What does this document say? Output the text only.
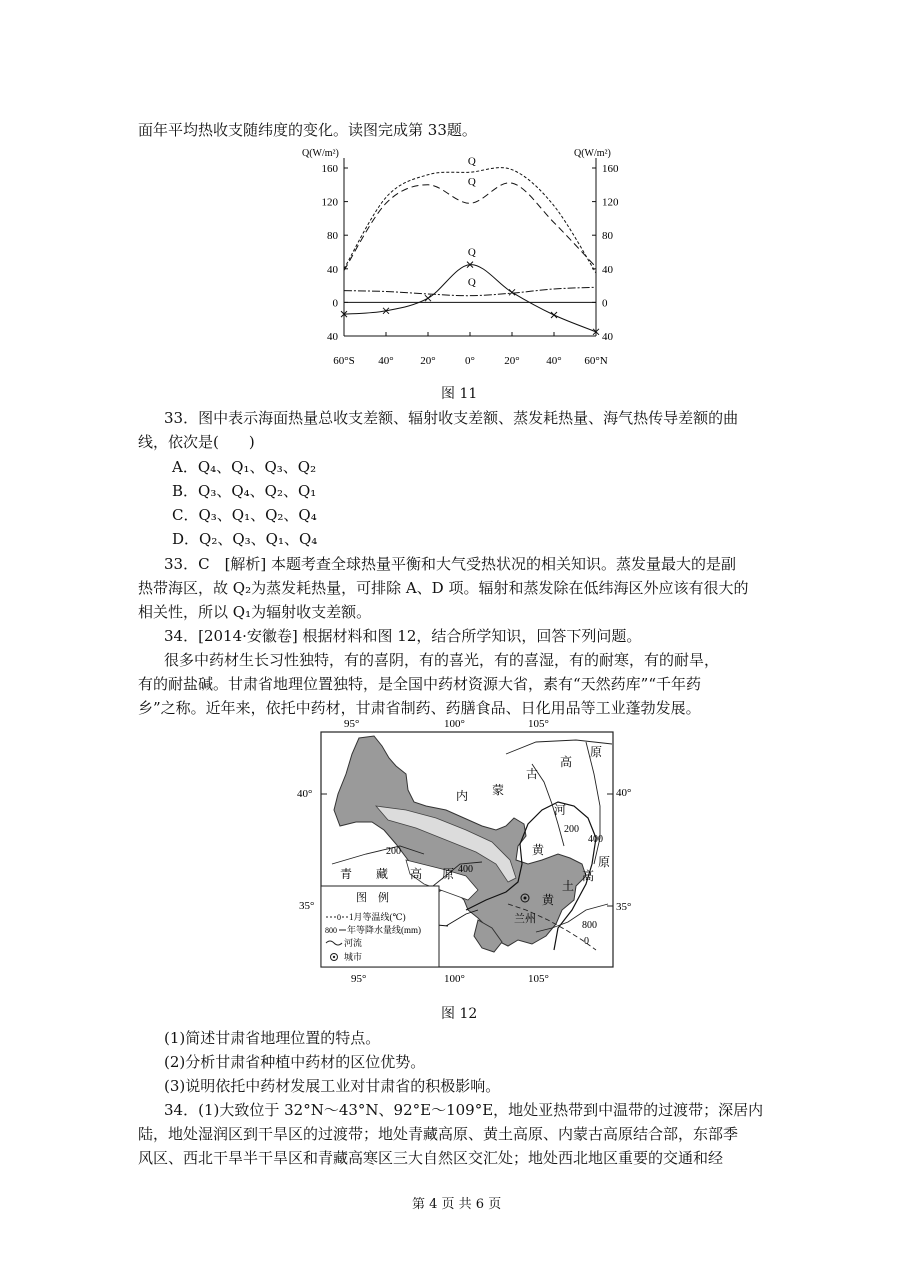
面年平均热收支随纬度的变化。读图完成第 33题。
Q(W/m²)	Q(W/m²)
160	160
120	120
80	80
40	40
0	0
40	40
60°S 40° 20°	0°	20° 40° 60°N
Q
Q
Q
Q
图 11
33．图中表示海面热量总收支差额、辐射收支差额、蒸发耗热量、海气热传导差额的曲
线，依次是(　　)
A．Q₄、Q₁、Q₃、Q₂
B．Q₃、Q₄、Q₂、Q₁
C．Q₃、Q₁、Q₂、Q₄
D．Q₂、Q₃、Q₁、Q₄
33．C　[解析] 本题考查全球热量平衡和大气受热状况的相关知识。蒸发量最大的是副
热带海区，故 Q₂为蒸发耗热量，可排除 A、D 项。辐射和蒸发除在低纬海区外应该有很大的
相关性，所以 Q₁为辐射收支差额。
34．[2014·安徽卷] 根据材料和图 12，结合所学知识，回答下列问题。
很多中药材生长习性独特，有的喜阴，有的喜光，有的喜湿，有的耐寒，有的耐旱，
有的耐盐碱。甘肃省地理位置独特，是全国中药材资源大省，素有“天然药库”“千年药
乡”之称。近年来，依托中药材，甘肃省制药、药膳食品、日化用品等工业蓬勃发展。
95°	100°	105°
95°	100°	105°
40°
35°
40°
35°
内 蒙
古
高
原
河
黄
原
高
土
黄
青 藏 高 原
兰州
200
400
200
400
800
0
图　例
0 1月等温线(℃)
800 年等降水量线(mm)
河流
城市
图 12
(1)简述甘肃省地理位置的特点。
(2)分析甘肃省种植中药材的区位优势。
(3)说明依托中药材发展工业对甘肃省的积极影响。
34．(1)大致位于 32°N～43°N、92°E～109°E，地处亚热带到中温带的过渡带；深居内
陆，地处湿润区到干旱区的过渡带；地处青藏高原、黄土高原、内蒙古高原结合部，东部季
风区、西北干旱半干旱区和青藏高寒区三大自然区交汇处；地处西北地区重要的交通和经
第 4 页 共 6 页
